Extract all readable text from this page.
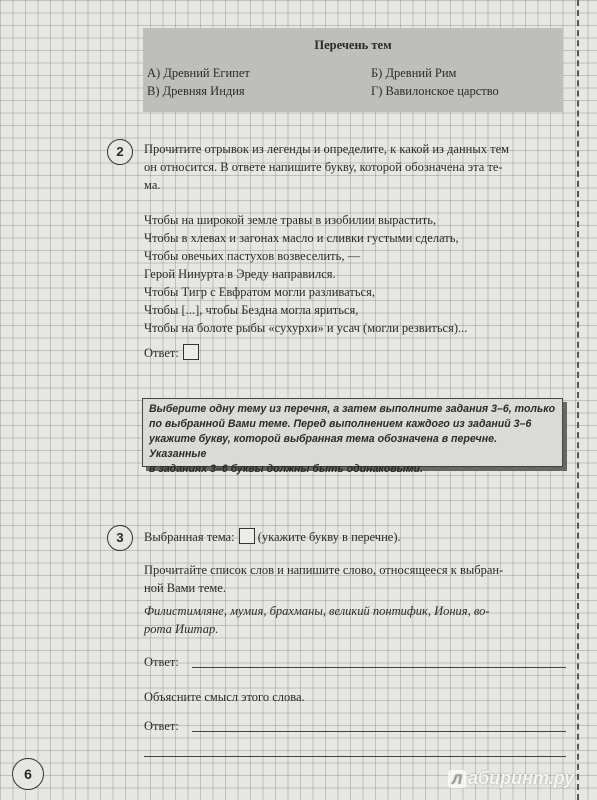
Перечень тем
А) Древний Египет	Б) Древний Рим
В) Древняя Индия	Г) Вавилонское царство
2	Прочитите отрывок из легенды и определите, к какой из данных тем
он относится. В ответе напишите букву, которой обозначена эта те-
ма.
Чтобы на широкой земле травы в изобилии вырастить,
Чтобы в хлевах и загонах масло и сливки густыми сделать,
Чтобы овечьих пастухов возвеселить, —
Герой Нинурта в Эреду направился.
Чтобы Тигр с Евфратом могли разливаться,
Чтобы [...], чтобы Бездна могла яриться,
Чтобы на болоте рыбы «сухурхи» и усач (могли резвиться)...
Ответ:
Выберите одну тему из перечня, а затем выполните задания 3–6, только
по выбранной Вами теме. Перед выполнением каждого из заданий 3–6
укажите букву, которой выбранная тема обозначена в перечне. Указанные
в заданиях 3–6 буквы должны быть одинаковыми.
3	Выбранная тема: (укажите букву в перечне).
Прочитайте список слов и напишите слово, относящееся к выбран-
ной Вами теме.
Филистимляне, мумия, брахманы, великий понтифик, Иония, во-
рота Иштар.
Ответ:
Объясните смысл этого слова.
Ответ:
6	Л абиринт.ру
